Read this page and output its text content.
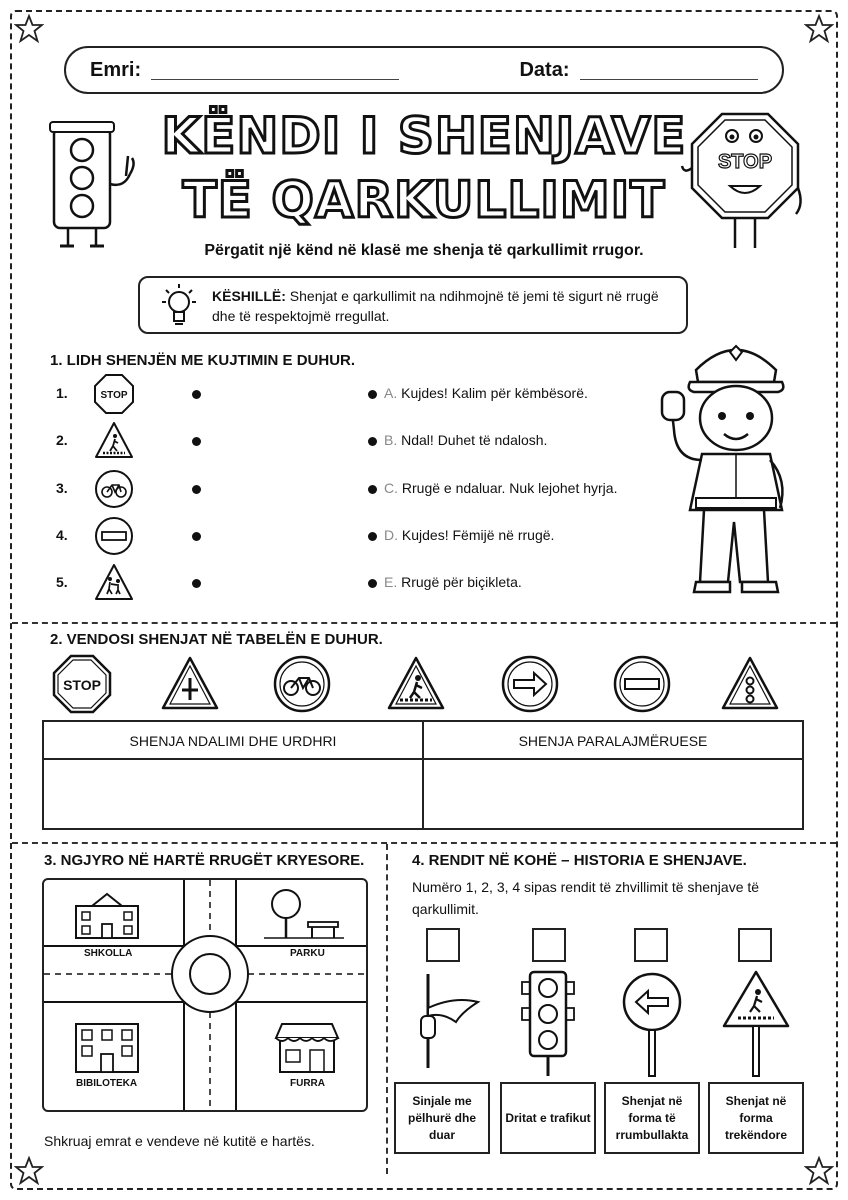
Emri:	Data:
KËNDI I SHENJAVE
TË QARKULLIMIT
STOP
Përgatit një kënd në klasë me shenja të qarkullimit rrugor.
KËSHILLË: Shenjat e qarkullimit na ndihmojnë të jemi të sigurt në rrugë dhe të respektojmë rregullat.
1. LIDH SHENJËN ME KUJTIMIN E DUHUR.
1.	STOP	A. Kujdes! Kalim për këmbësorë.
2.	B. Ndal! Duhet të ndalosh.
3.	C. Rrugë e ndaluar. Nuk lejohet hyrja.
4.	D. Kujdes! Fëmijë në rrugë.
5.	E. Rrugë për biçikleta.
2. VENDOSI SHENJAT NË TABELËN E DUHUR.
STOP
SHENJA NDALIMI DHE URDHRI	SHENJA PARALAJMËRUESE
3. NGJYRO NË HARTË RRUGËT KRYESORE.
SHKOLLA	PARKU
BIBILOTEKA	FURRA
Shkruaj emrat e vendeve në kutitë e hartës.
4. RENDIT NË KOHË – HISTORIA E SHENJAVE.
Numëro 1, 2, 3, 4 sipas rendit të zhvillimit të shenjave të qarkullimit.
Sinjale me pëlhurë dhe duar
Dritat e trafikut
Shenjat në forma të rrumbullakta
Shenjat në forma trekëndore
